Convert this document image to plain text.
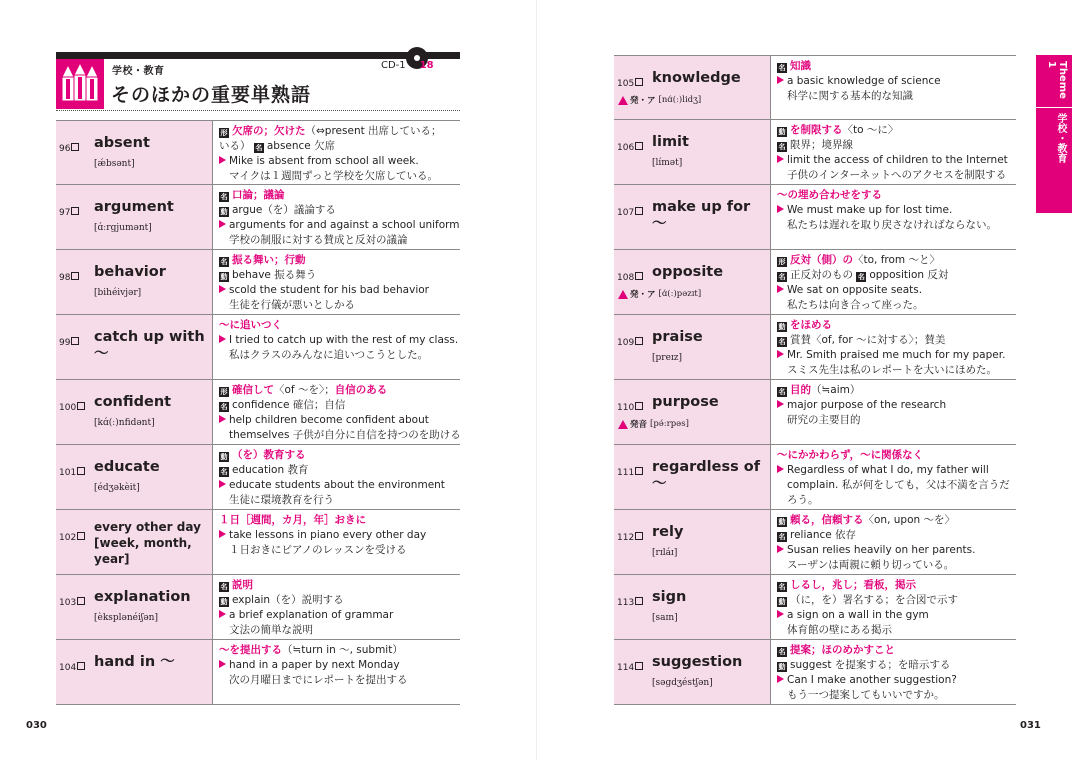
学校・教育
そのほかの重要単熟語
CD-1 18
96	absent
[ǽbsənt]
形 欠席の；欠けた（⇔present 出席している；
いる） 名 absence 欠席
Mike is absent from school all week.
マイクは１週間ずっと学校を欠席している。
97	argument
[ɑ́ːrgjumənt]
名 口論；議論
動 argue（を）議論する
arguments for and against a school uniform
学校の制服に対する賛成と反対の議論
98	behavior
[bihéivjər]
名 振る舞い；行動
動 behave 振る舞う
scold the student for his bad behavior
生徒を行儀が悪いとしかる
99	catch up with 〜
〜に追いつく
I tried to catch up with the rest of my class.
私はクラスのみんなに追いつこうとした。
100	confident
[kɑ́(ː)nfidənt]
形 確信して〈of 〜を〉；自信のある
名 confidence 確信；自信
help children become confident about
themselves 子供が自分に自信を持つのを助ける
101	educate
[édʒəkèit]
動 （を）教育する
名 education 教育
educate students about the environment
生徒に環境教育を行う
102
every other day [week, month, year]
１日［週間，カ月，年］おきに
take lessons in piano every other day
１日おきにピアノのレッスンを受ける
103	explanation
[èksplənéiʃən]
名 説明
動 explain（を）説明する
a brief explanation of grammar
文法の簡単な説明
104	hand in 〜
〜を提出する（≒turn in 〜, submit）
hand in a paper by next Monday
次の月曜日までにレポートを提出する
030
105	knowledge
発・ア [nɑ́(ː)lidʒ]
名 知識
a basic knowledge of science
科学に関する基本的な知識
106	limit
[límət]
動 を制限する〈to 〜に〉
名 限界；境界線
limit the access of children to the Internet
子供のインターネットへのアクセスを制限する
107	make up for 〜
〜の埋め合わせをする
We must make up for lost time.
私たちは遅れを取り戻さなければならない。
108	opposite
発・ア [ɑ́(ː)pəzɪt]
形 反対（側）の〈to, from 〜と〉
名 正反対のもの 名 opposition 反対
We sat on opposite seats.
私たちは向き合って座った。
109	praise
[preɪz]
動 をほめる
名 賞賛〈of, for 〜に対する〉；賛美
Mr. Smith praised me much for my paper.
スミス先生は私のレポートを大いにほめた。
110	purpose
発音 [pə́ːrpəs]
名 目的（≒aim）
major purpose of the research
研究の主要目的
111	regardless of 〜
〜にかかわらず，〜に関係なく
Regardless of what I do, my father will
complain. 私が何をしても，父は不満を言うだ
ろう。
112	rely
[rɪláɪ]
動 頼る，信頼する〈on, upon 〜を〉
名 reliance 依存
Susan relies heavily on her parents.
スーザンは両親に頼り切っている。
113	sign
[saɪn]
名 しるし，兆し；看板，掲示
動 （に，を）署名する；を合図で示す
a sign on a wall in the gym
体育館の壁にある掲示
114	suggestion
[səgdʒéstʃən]
名 提案；ほのめかすこと
動 suggest を提案する；を暗示する
Can I make another suggestion?
もう一つ提案してもいいですか。
031
Theme 1
学校・教育
